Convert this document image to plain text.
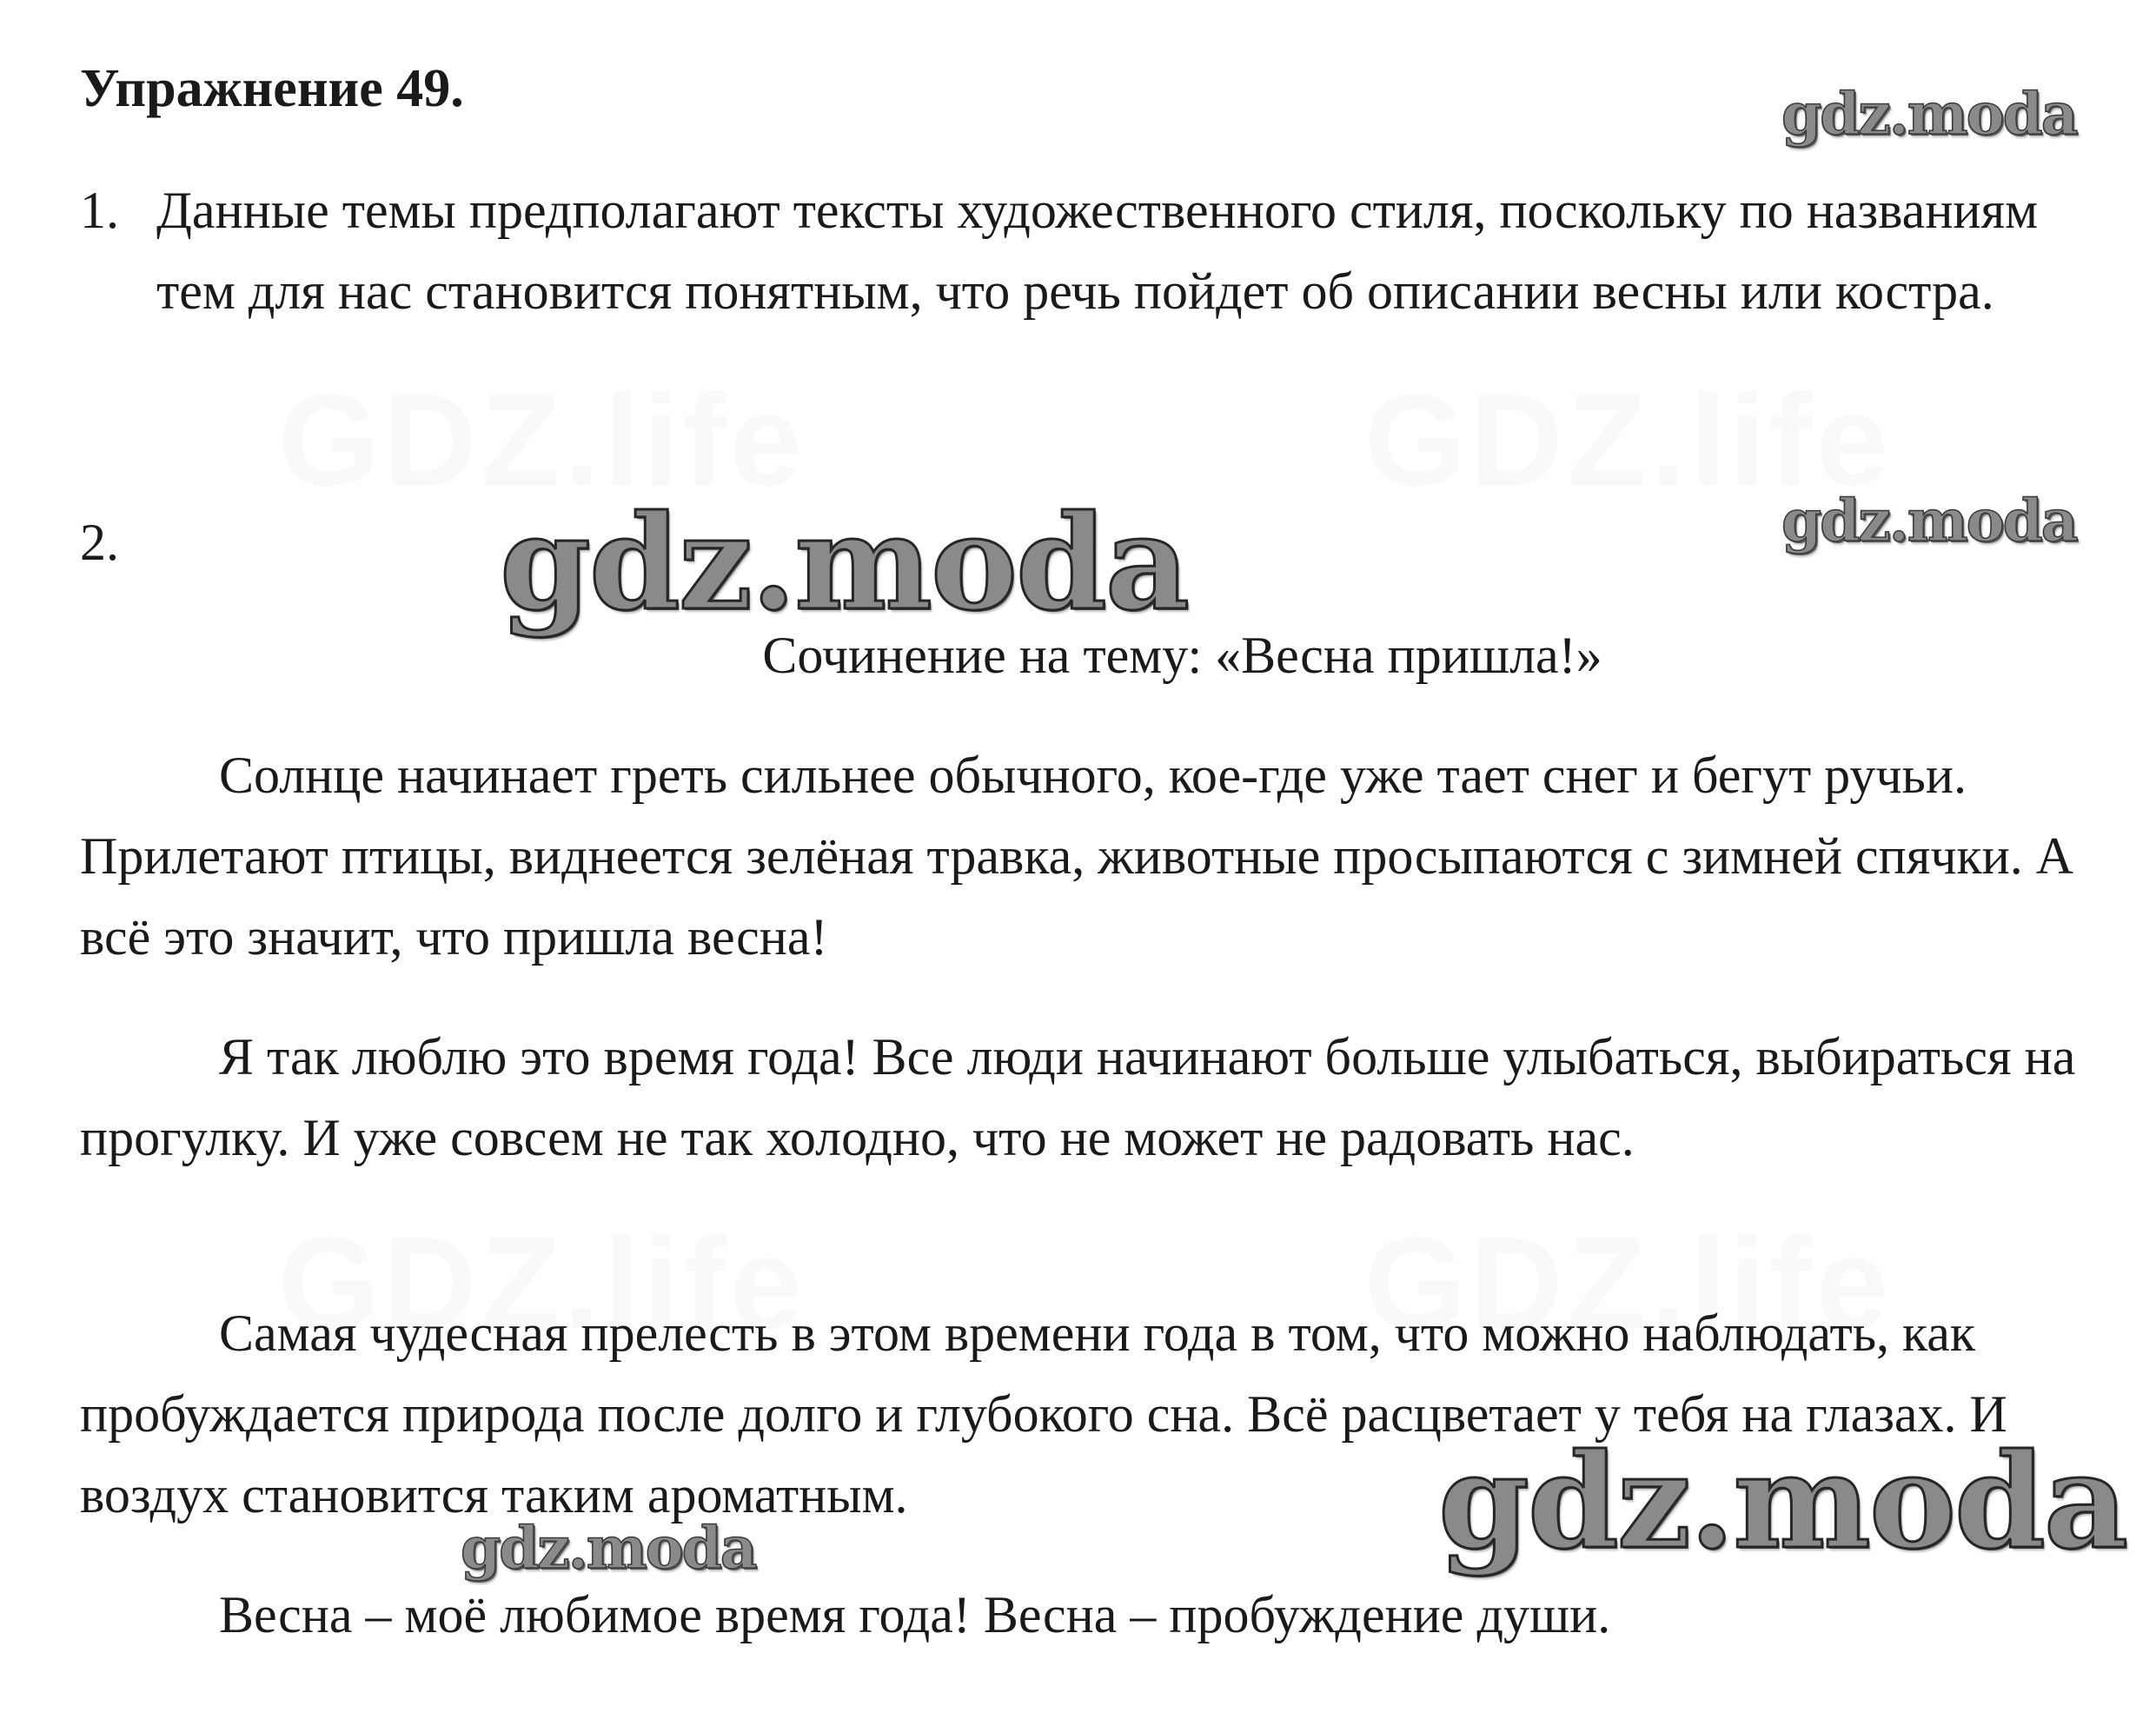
Упражнение 49.	gdz.moda
1. Данные темы предполагают тексты художественного стиля, поскольку по названиям тем для нас становится понятным, что речь пойдет об описании весны или костра.

2.	gdz.moda	gdz.moda

Сочинение на тему: «Весна пришла!»

Солнце начинает греть сильнее обычного, кое-где уже тает снег и бегут ручьи. Прилетают птицы, виднеется зелёная травка, животные просыпаются с зимней спячки. А всё это значит, что пришла весна!

Я так люблю это время года! Все люди начинают больше улыбаться, выбираться на прогулку. И уже совсем не так холодно, что не может не радовать нас.

Самая чудесная прелесть в этом времени года в том, что можно наблюдать, как пробуждается природа после долго и глубокого сна. Всё расцветает у тебя на глазах. И воздух становится таким ароматным.	gdz.moda
gdz.moda

Весна – моё любимое время года! Весна – пробуждение души.
